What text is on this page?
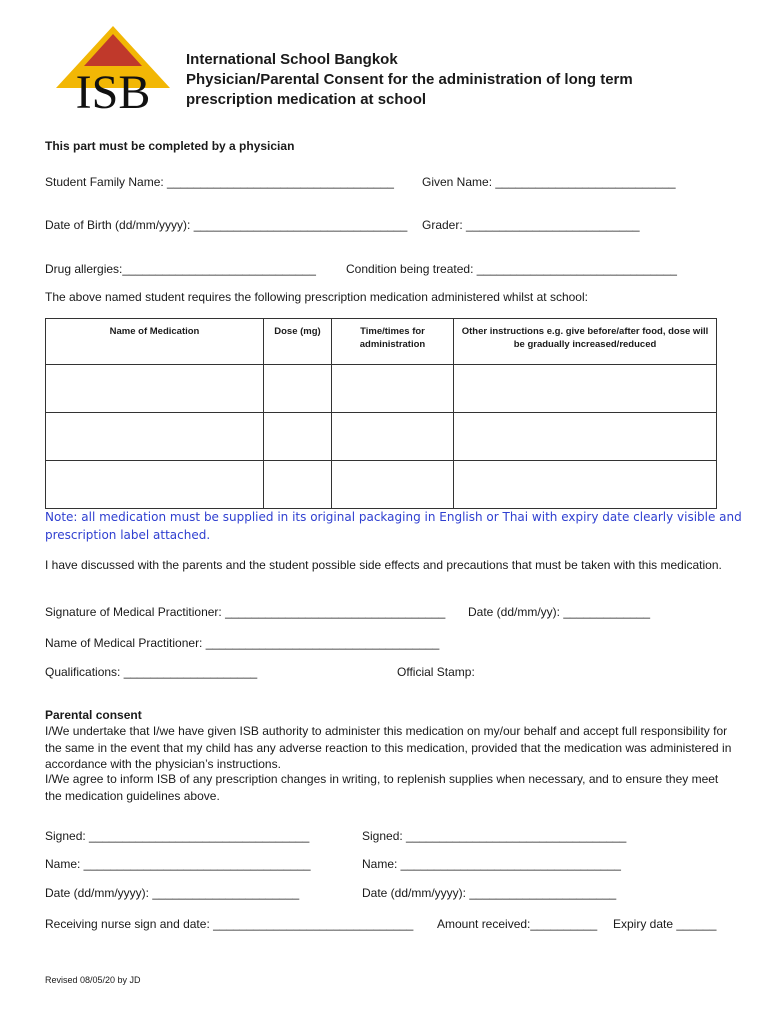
ISB
International School Bangkok
Physician/Parental Consent for the administration of long term
prescription medication at school
This part must be completed by a physician
Student Family Name: __________________________________ Given Name: ___________________________
Date of Birth (dd/mm/yyyy): ________________________________ Grader: __________________________
Drug allergies:_____________________________	Condition being treated: ______________________________
The above named student requires the following prescription medication administered whilst at school:
Name of Medication	Dose (mg)	Time/times for administration	Other instructions e.g. give before/after food, dose will be gradually increased/reduced

Note: all medication must be supplied in its original packaging in English or Thai with expiry date clearly visible and
prescription label attached.
I have discussed with the parents and the student possible side effects and precautions that must be taken with this medication.
Signature of Medical Practitioner: _________________________________ Date (dd/mm/yy): _____________
Name of Medical Practitioner: ___________________________________
Qualifications: ____________________	Official Stamp:
Parental consent
I/We undertake that I/we have given ISB authority to administer this medication on my/our behalf and accept full responsibility for the same in the event that my child has any adverse reaction to this medication, provided that the medication was administered in accordance with the physician’s instructions.
I/We agree to inform ISB of any prescription changes in writing, to replenish supplies when necessary, and to ensure they meet the medication guidelines above.
Signed: _________________________________	Signed: _________________________________
Name: __________________________________	Name: _________________________________
Date (dd/mm/yyyy): ______________________	Date (dd/mm/yyyy): ______________________
Receiving nurse sign and date: ______________________________ Amount received:__________ Expiry date ______
Revised 08/05/20 by JD
